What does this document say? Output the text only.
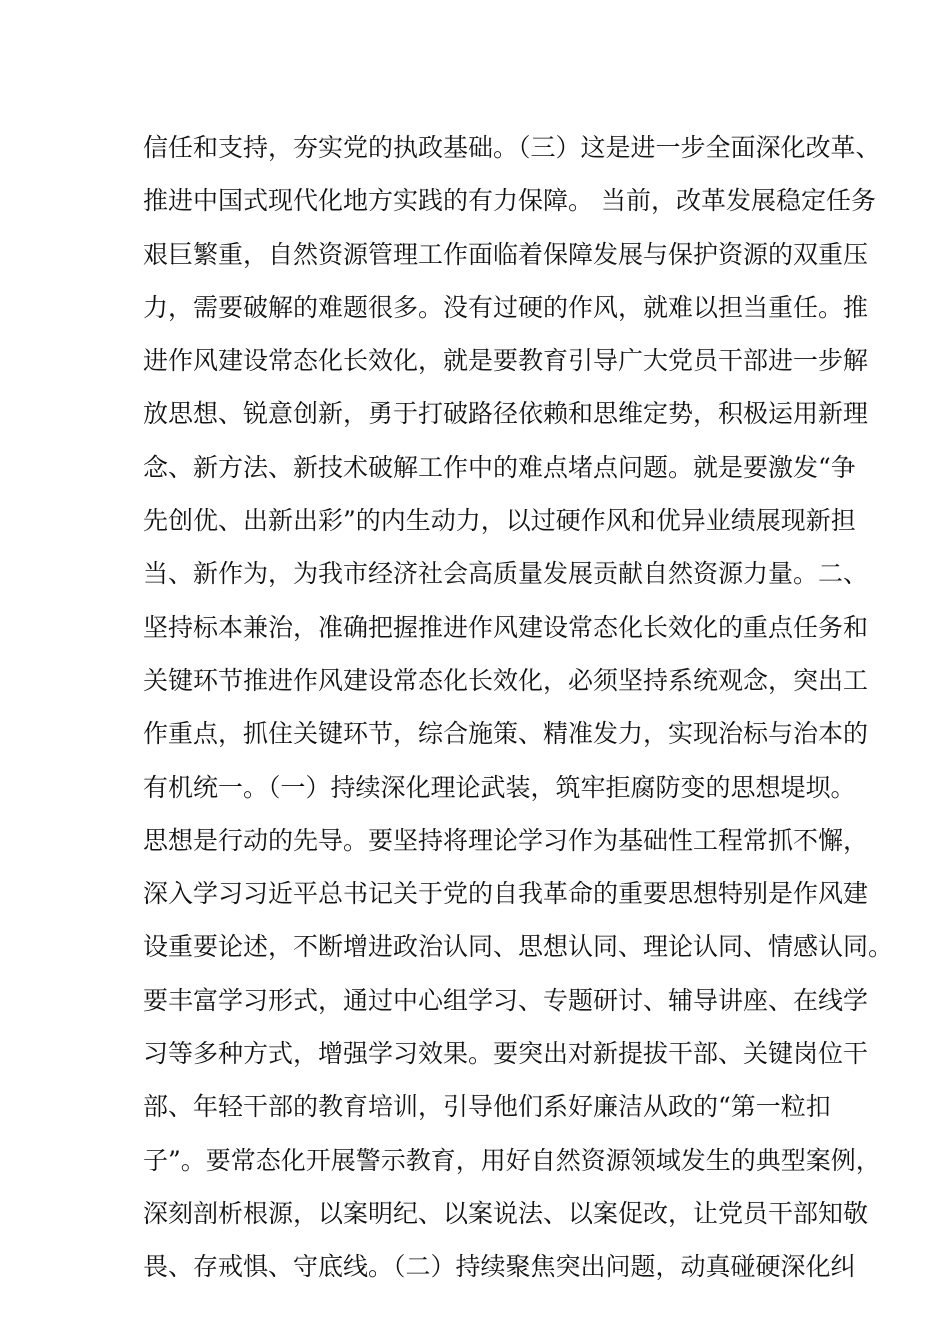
信任和支持，夯实党的执政基础。（三）这是进一步全面深化改革、
推进中国式现代化地方实践的有力保障。 当前，改革发展稳定任务
艰巨繁重，自然资源管理工作面临着保障发展与保护资源的双重压
力，需要破解的难题很多。没有过硬的作风，就难以担当重任。推
进作风建设常态化长效化，就是要教育引导广大党员干部进一步解
放思想、锐意创新，勇于打破路径依赖和思维定势，积极运用新理
念、新方法、新技术破解工作中的难点堵点问题。就是要激发“争
先创优、出新出彩”的内生动力，以过硬作风和优异业绩展现新担
当、新作为，为我市经济社会高质量发展贡献自然资源力量。二、
坚持标本兼治，准确把握推进作风建设常态化长效化的重点任务和
关键环节推进作风建设常态化长效化，必须坚持系统观念，突出工
作重点，抓住关键环节，综合施策、精准发力，实现治标与治本的
有机统一。（一）持续深化理论武装，筑牢拒腐防变的思想堤坝。
思想是行动的先导。要坚持将理论学习作为基础性工程常抓不懈，
深入学习习近平总书记关于党的自我革命的重要思想特别是作风建
设重要论述，不断增进政治认同、思想认同、理论认同、情感认同。
要丰富学习形式，通过中心组学习、专题研讨、辅导讲座、在线学
习等多种方式，增强学习效果。要突出对新提拔干部、关键岗位干
部、年轻干部的教育培训，引导他们系好廉洁从政的“第一粒扣
子”。要常态化开展警示教育，用好自然资源领域发生的典型案例，
深刻剖析根源，以案明纪、以案说法、以案促改，让党员干部知敬
畏、存戒惧、守底线。（二）持续聚焦突出问题，动真碰硬深化纠
